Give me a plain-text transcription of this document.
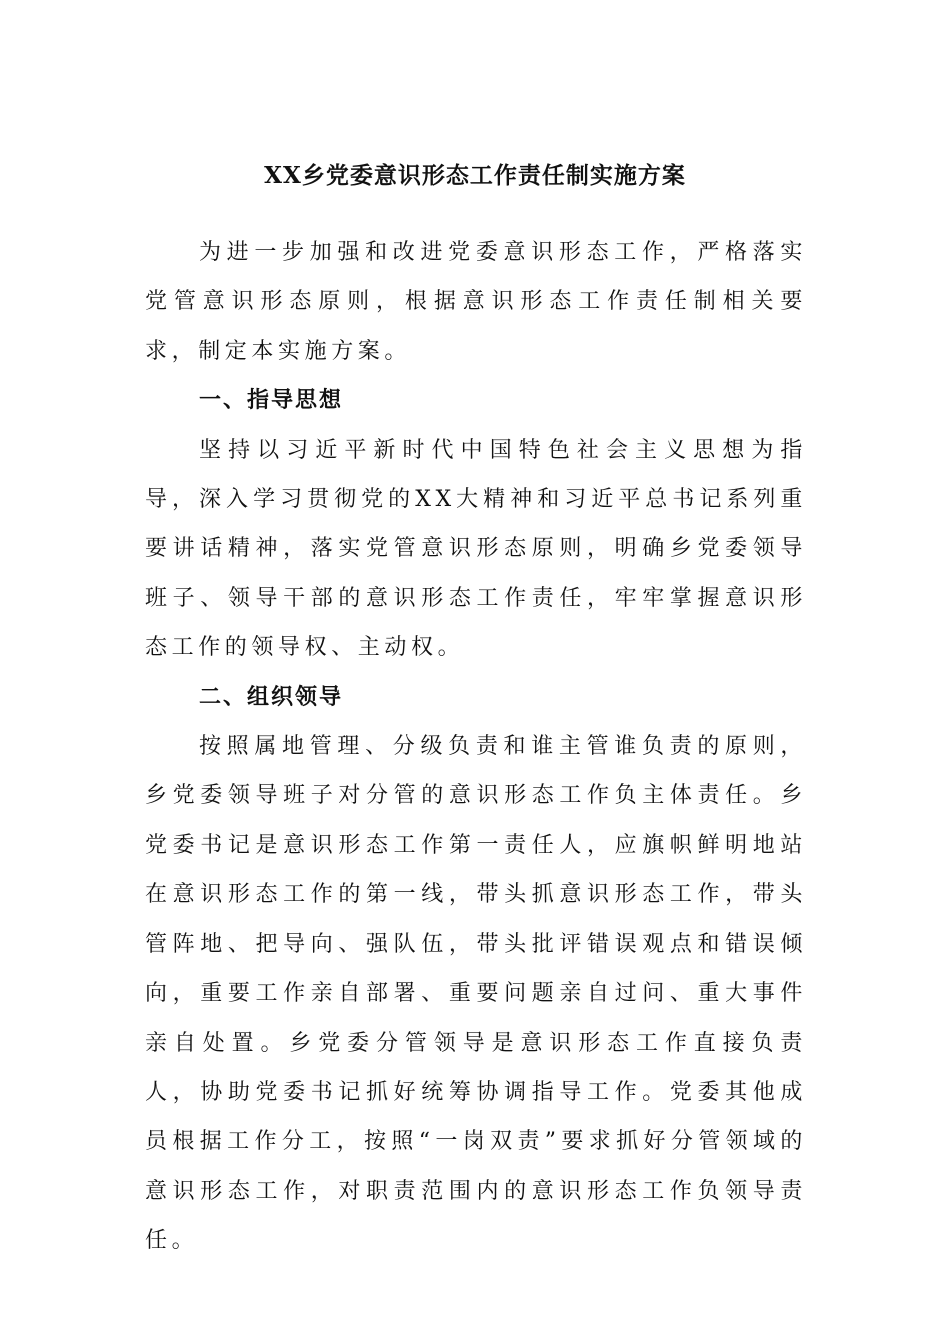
XX乡党委意识形态工作责任制实施方案

为进一步加强和改进党委意识形态工作，严格落实党管意识形态原则，根据意识形态工作责任制相关要求，制定本实施方案。

一、指导思想

坚持以习近平新时代中国特色社会主义思想为指导，深入学习贯彻党的XX大精神和习近平总书记系列重要讲话精神，落实党管意识形态原则，明确乡党委领导班子、领导干部的意识形态工作责任，牢牢掌握意识形态工作的领导权、主动权。

二、组织领导

按照属地管理、分级负责和谁主管谁负责的原则，乡党委领导班子对分管的意识形态工作负主体责任。乡党委书记是意识形态工作第一责任人，应旗帜鲜明地站在意识形态工作的第一线，带头抓意识形态工作，带头管阵地、把导向、强队伍，带头批评错误观点和错误倾向，重要工作亲自部署、重要问题亲自过问、重大事件亲自处置。乡党委分管领导是意识形态工作直接负责人，协助党委书记抓好统筹协调指导工作。党委其他成员根据工作分工，按照“一岗双责”要求抓好分管领域的意识形态工作，对职责范围内的意识形态工作负领导责任。
